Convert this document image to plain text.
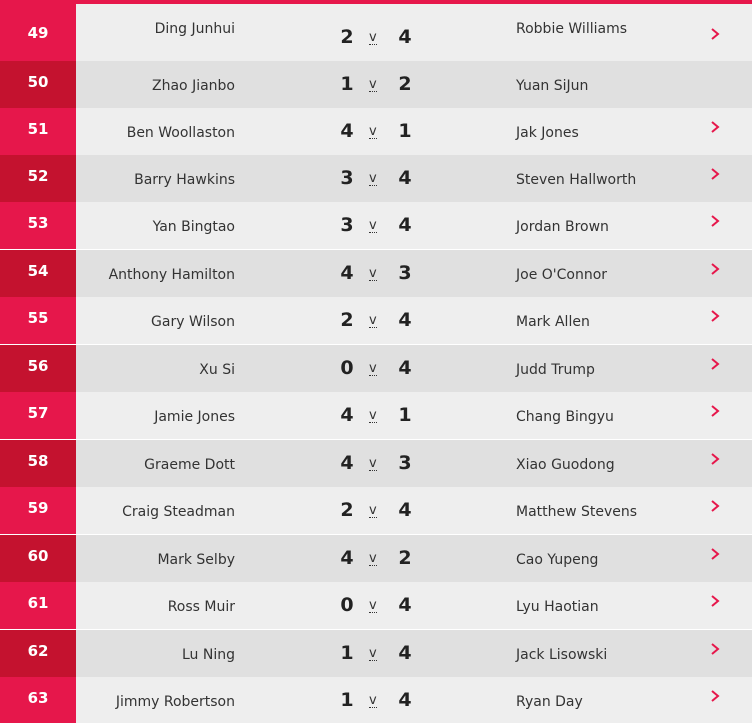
49	Ding Junhui	2 v 4	Robbie Williams
50	Zhao Jianbo	1 v 2	Yuan SiJun
51	Ben Woollaston	4 v 1	Jak Jones
52	Barry Hawkins	3 v 4	Steven Hallworth
53	Yan Bingtao	3 v 4	Jordan Brown
54	Anthony Hamilton	4 v 3	Joe O'Connor
55	Gary Wilson	2 v 4	Mark Allen
56	Xu Si	0 v 4	Judd Trump
57	Jamie Jones	4 v 1	Chang Bingyu
58	Graeme Dott	4 v 3	Xiao Guodong
59	Craig Steadman	2 v 4	Matthew Stevens
60	Mark Selby	4 v 2	Cao Yupeng
61	Ross Muir	0 v 4	Lyu Haotian
62	Lu Ning	1 v 4	Jack Lisowski
63	Jimmy Robertson	1 v 4	Ryan Day
